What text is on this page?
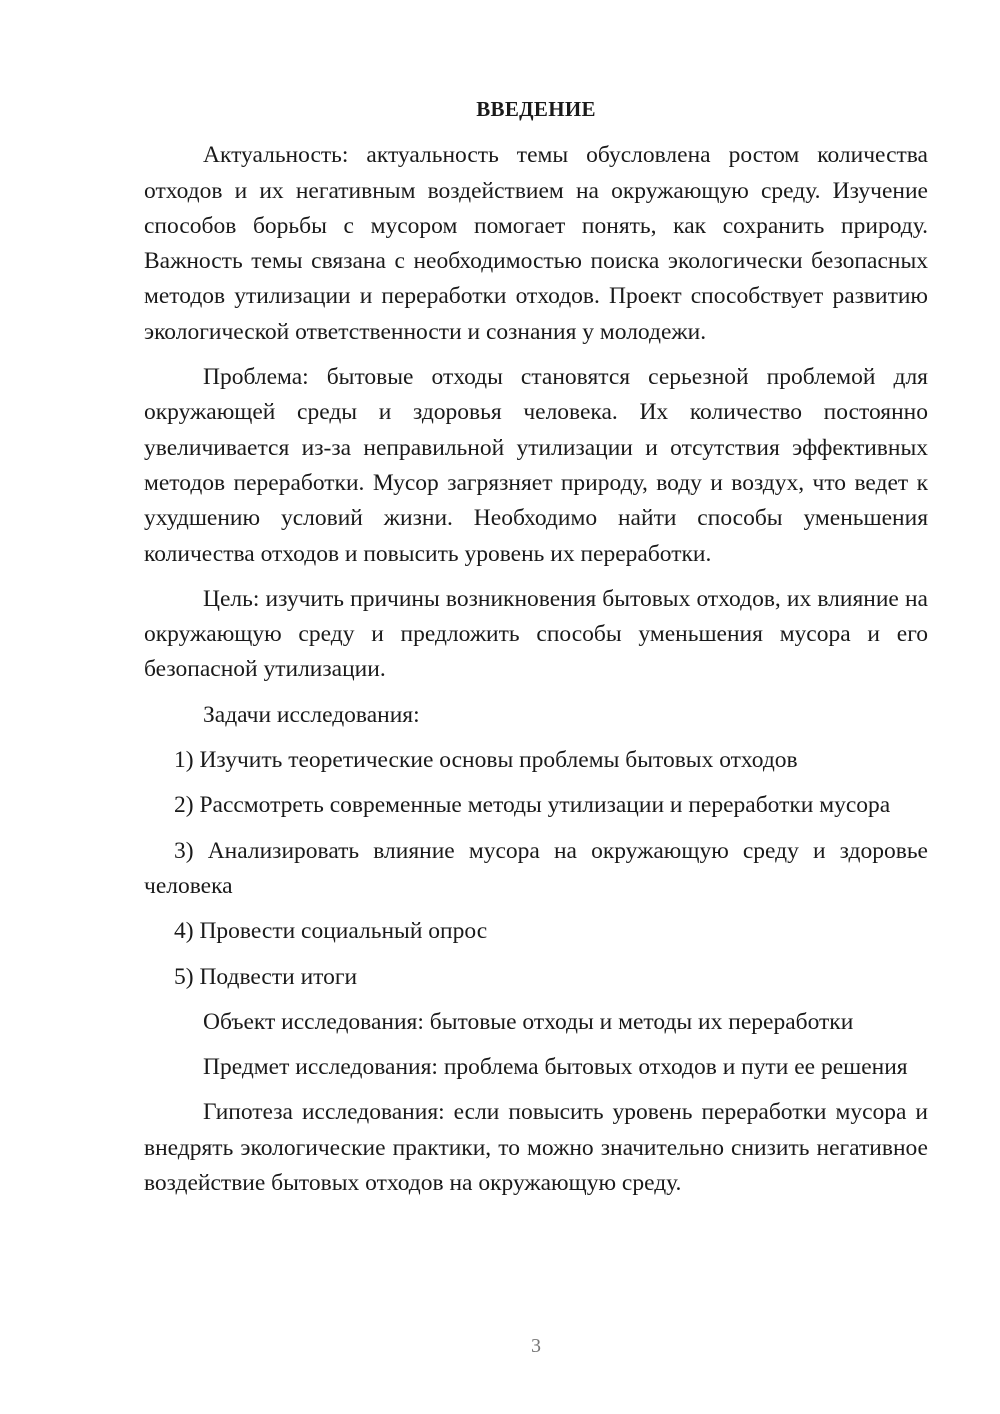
ВВЕДЕНИЕ

Актуальность: актуальность темы обусловлена ростом количества отходов и их негативным воздействием на окружающую среду. Изучение способов борьбы с мусором помогает понять, как сохранить природу. Важность темы связана с необходимостью поиска экологически безопасных методов утилизации и переработки отходов. Проект способствует развитию экологической ответственности и сознания у молодежи.

Проблема: бытовые отходы становятся серьезной проблемой для окружающей среды и здоровья человека. Их количество постоянно увеличивается из-за неправильной утилизации и отсутствия эффективных методов переработки. Мусор загрязняет природу, воду и воздух, что ведет к ухудшению условий жизни. Необходимо найти способы уменьшения количества отходов и повысить уровень их переработки.

Цель: изучить причины возникновения бытовых отходов, их влияние на окружающую среду и предложить способы уменьшения мусора и его безопасной утилизации.

Задачи исследования:

1) Изучить теоретические основы проблемы бытовых отходов

2) Рассмотреть современные методы утилизации и переработки мусора

3) Анализировать влияние мусора на окружающую среду и здоровье человека

4) Провести социальный опрос

5) Подвести итоги

Объект исследования: бытовые отходы и методы их переработки

Предмет исследования: проблема бытовых отходов и пути ее решения

Гипотеза исследования: если повысить уровень переработки мусора и внедрять экологические практики, то можно значительно снизить негативное воздействие бытовых отходов на окружающую среду.

3
